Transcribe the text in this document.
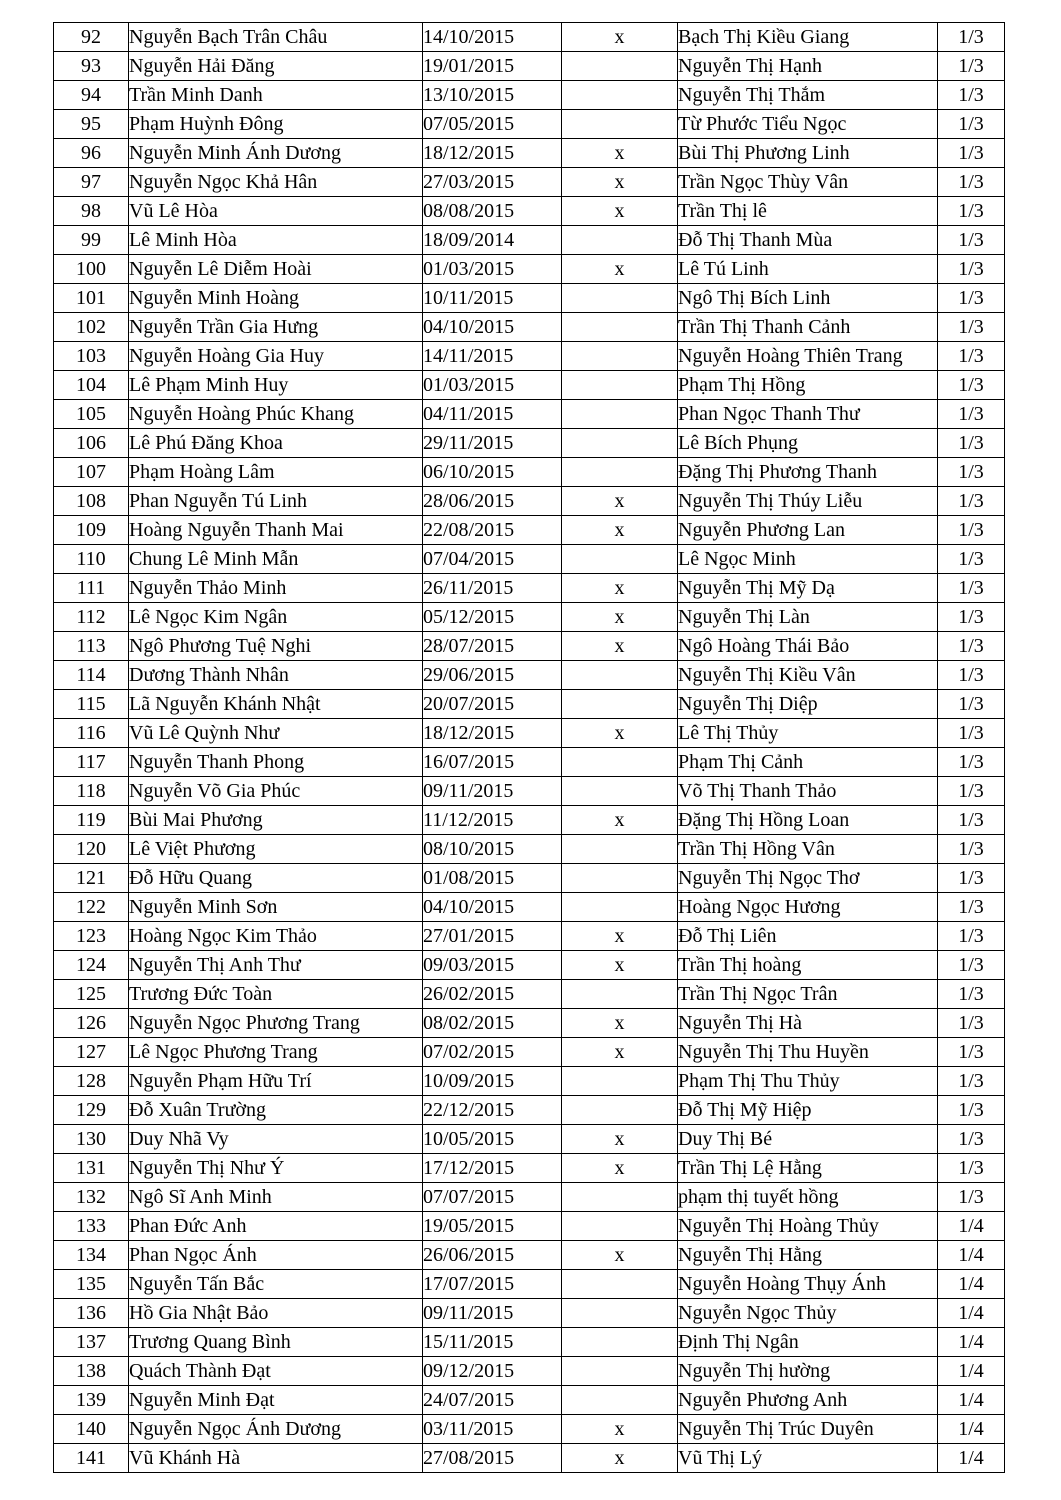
92	Nguyễn Bạch Trân Châu	14/10/2015	x	Bạch Thị Kiều Giang	1/3
93	Nguyễn Hải Đăng	19/01/2015		Nguyễn Thị Hạnh	1/3
94	Trần Minh Danh	13/10/2015		Nguyễn Thị Thắm	1/3
95	Phạm Huỳnh Đông	07/05/2015		Từ Phước Tiểu Ngọc	1/3
96	Nguyễn Minh Ánh Dương	18/12/2015	x	Bùi Thị Phương Linh	1/3
97	Nguyễn Ngọc Khả Hân	27/03/2015	x	Trần Ngọc Thùy Vân	1/3
98	Vũ Lê Hòa	08/08/2015	x	Trần Thị lê	1/3
99	Lê Minh Hòa	18/09/2014		Đỗ Thị Thanh Mùa	1/3
100	Nguyễn Lê Diễm Hoài	01/03/2015	x	Lê Tú Linh	1/3
101	Nguyễn Minh Hoàng	10/11/2015		Ngô Thị Bích Linh	1/3
102	Nguyễn Trần Gia Hưng	04/10/2015		Trần Thị Thanh Cảnh	1/3
103	Nguyễn Hoàng Gia Huy	14/11/2015		Nguyễn Hoàng Thiên Trang	1/3
104	Lê Phạm Minh Huy	01/03/2015		Phạm Thị Hồng	1/3
105	Nguyễn Hoàng Phúc Khang	04/11/2015		Phan Ngọc Thanh Thư	1/3
106	Lê Phú Đăng Khoa	29/11/2015		Lê Bích Phụng	1/3
107	Phạm Hoàng Lâm	06/10/2015		Đặng Thị Phương Thanh	1/3
108	Phan Nguyễn Tú Linh	28/06/2015	x	Nguyễn Thị Thúy Liễu	1/3
109	Hoàng Nguyễn Thanh Mai	22/08/2015	x	Nguyễn Phương Lan	1/3
110	Chung Lê Minh Mẫn	07/04/2015		Lê Ngọc Minh	1/3
111	Nguyễn Thảo Minh	26/11/2015	x	Nguyễn Thị Mỹ Dạ	1/3
112	Lê Ngọc Kim Ngân	05/12/2015	x	Nguyễn Thị Làn	1/3
113	Ngô Phương Tuệ Nghi	28/07/2015	x	Ngô Hoàng Thái Bảo	1/3
114	Dương Thành Nhân	29/06/2015		Nguyễn Thị Kiều Vân	1/3
115	Lã Nguyễn Khánh Nhật	20/07/2015		Nguyễn Thị Diệp	1/3
116	Vũ Lê Quỳnh Như	18/12/2015	x	Lê Thị Thủy	1/3
117	Nguyễn Thanh Phong	16/07/2015		Phạm Thị Cảnh	1/3
118	Nguyễn Võ Gia Phúc	09/11/2015		Võ Thị Thanh Thảo	1/3
119	Bùi Mai Phương	11/12/2015	x	Đặng Thị Hồng Loan	1/3
120	Lê Việt Phương	08/10/2015		Trần Thị Hồng Vân	1/3
121	Đỗ Hữu Quang	01/08/2015		Nguyễn Thị Ngọc Thơ	1/3
122	Nguyễn Minh Sơn	04/10/2015		Hoàng Ngọc Hương	1/3
123	Hoàng Ngọc Kim Thảo	27/01/2015	x	Đỗ Thị Liên	1/3
124	Nguyễn Thị Anh Thư	09/03/2015	x	Trần Thị hoàng	1/3
125	Trương Đức Toàn	26/02/2015		Trần Thị Ngọc Trân	1/3
126	Nguyễn Ngọc Phương Trang	08/02/2015	x	Nguyễn Thị Hà	1/3
127	Lê Ngọc Phương Trang	07/02/2015	x	Nguyễn Thị Thu Huyền	1/3
128	Nguyễn Phạm Hữu Trí	10/09/2015		Phạm Thị Thu Thủy	1/3
129	Đỗ Xuân Trường	22/12/2015		Đỗ Thị Mỹ Hiệp	1/3
130	Duy Nhã Vy	10/05/2015	x	Duy Thị Bé	1/3
131	Nguyễn Thị Như Ý	17/12/2015	x	Trần Thị Lệ Hằng	1/3
132	Ngô Sĩ Anh Minh	07/07/2015		phạm thị tuyết hồng	1/3
133	Phan Đức Anh	19/05/2015		Nguyễn Thị Hoàng Thủy	1/4
134	Phan Ngọc Ánh	26/06/2015	x	Nguyễn Thị Hằng	1/4
135	Nguyễn Tấn Bắc	17/07/2015		Nguyễn Hoàng Thụy Ánh	1/4
136	Hồ Gia Nhật Bảo	09/11/2015		Nguyễn Ngọc Thủy	1/4
137	Trương Quang Bình	15/11/2015		Định Thị Ngân	1/4
138	Quách Thành Đạt	09/12/2015		Nguyễn Thị hường	1/4
139	Nguyễn Minh Đạt	24/07/2015		Nguyễn Phương Anh	1/4
140	Nguyễn Ngọc Ánh Dương	03/11/2015	x	Nguyễn Thị Trúc Duyên	1/4
141	Vũ Khánh Hà	27/08/2015	x	Vũ Thị Lý	1/4
